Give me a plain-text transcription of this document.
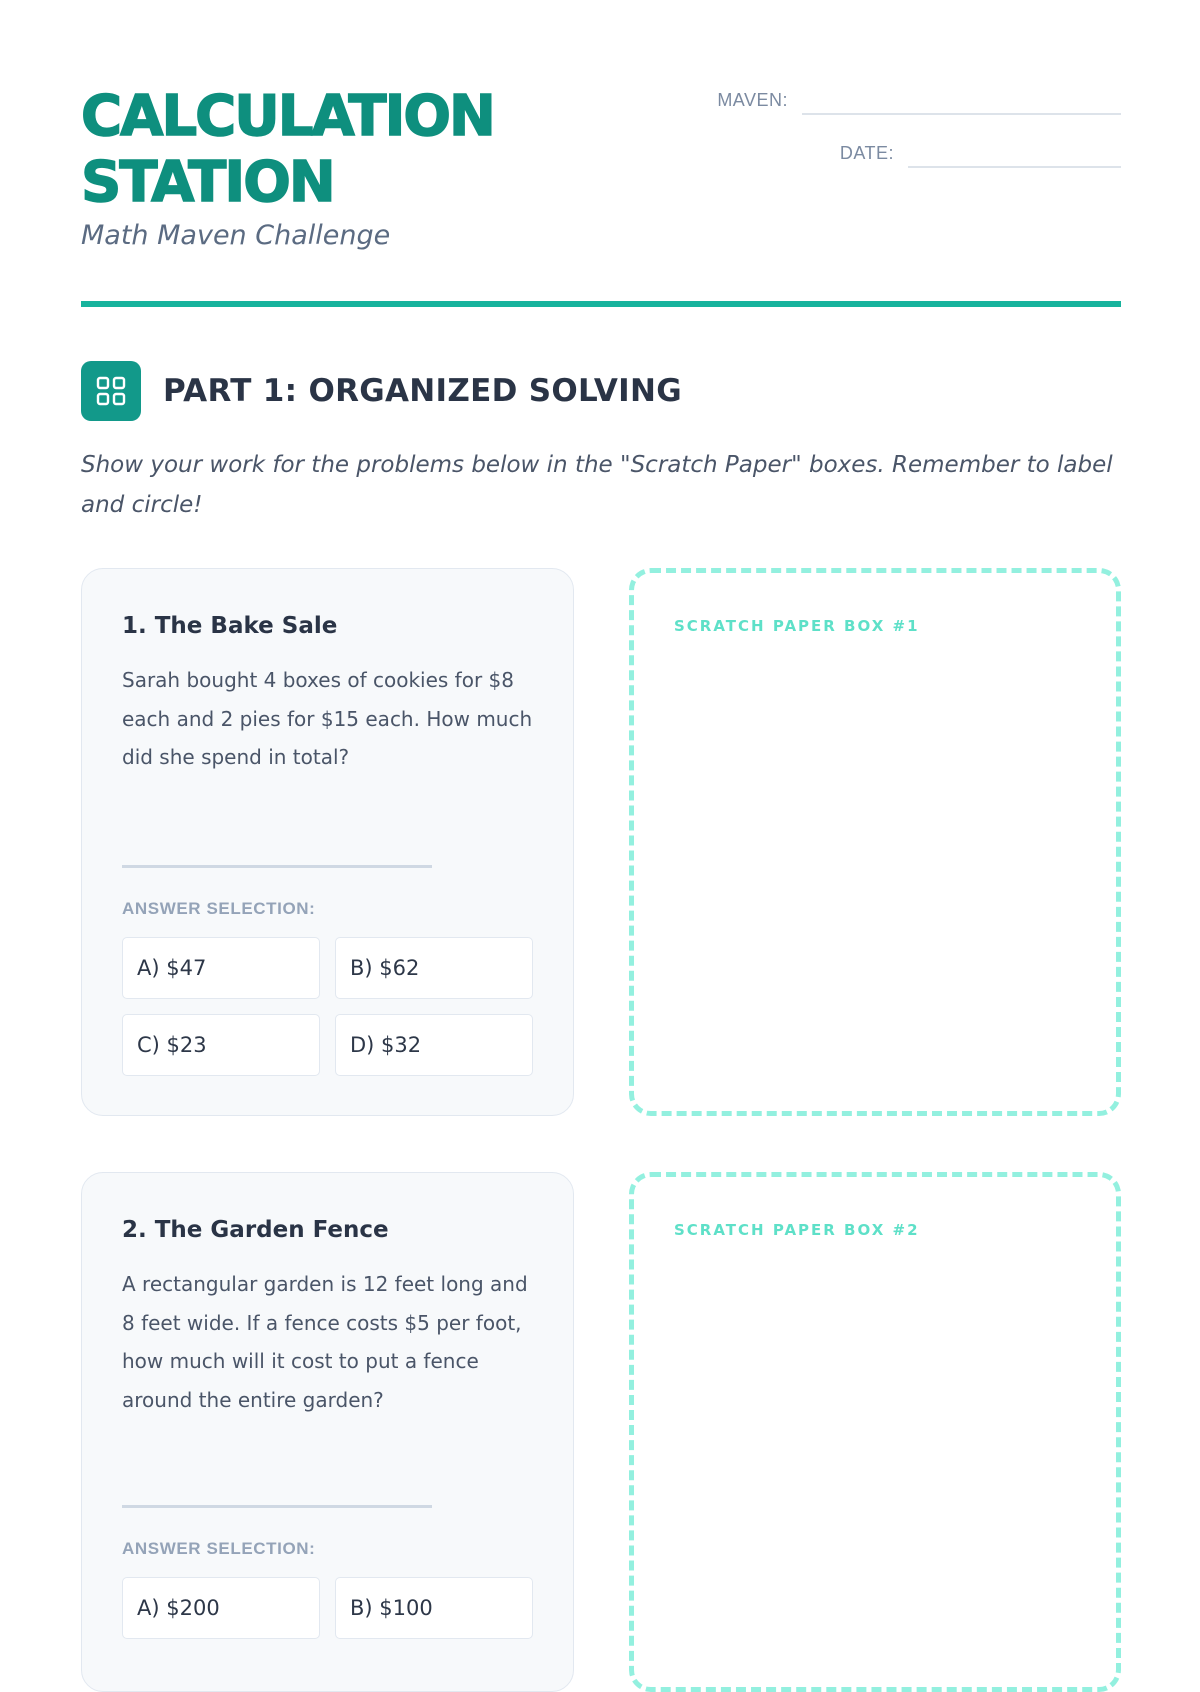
CALCULATION STATION
Math Maven Challenge
MAVEN:
DATE:
PART 1: ORGANIZED SOLVING
Show your work for the problems below in the "Scratch Paper" boxes. Remember to label and circle!
1. The Bake Sale
Sarah bought 4 boxes of cookies for $8 each and 2 pies for $15 each. How much did she spend in total?
ANSWER SELECTION:
A) $47	B) $62
C) $23	D) $32
SCRATCH PAPER BOX #1
2. The Garden Fence
A rectangular garden is 12 feet long and 8 feet wide. If a fence costs $5 per foot, how much will it cost to put a fence around the entire garden?
ANSWER SELECTION:
A) $200	B) $100
SCRATCH PAPER BOX #2
